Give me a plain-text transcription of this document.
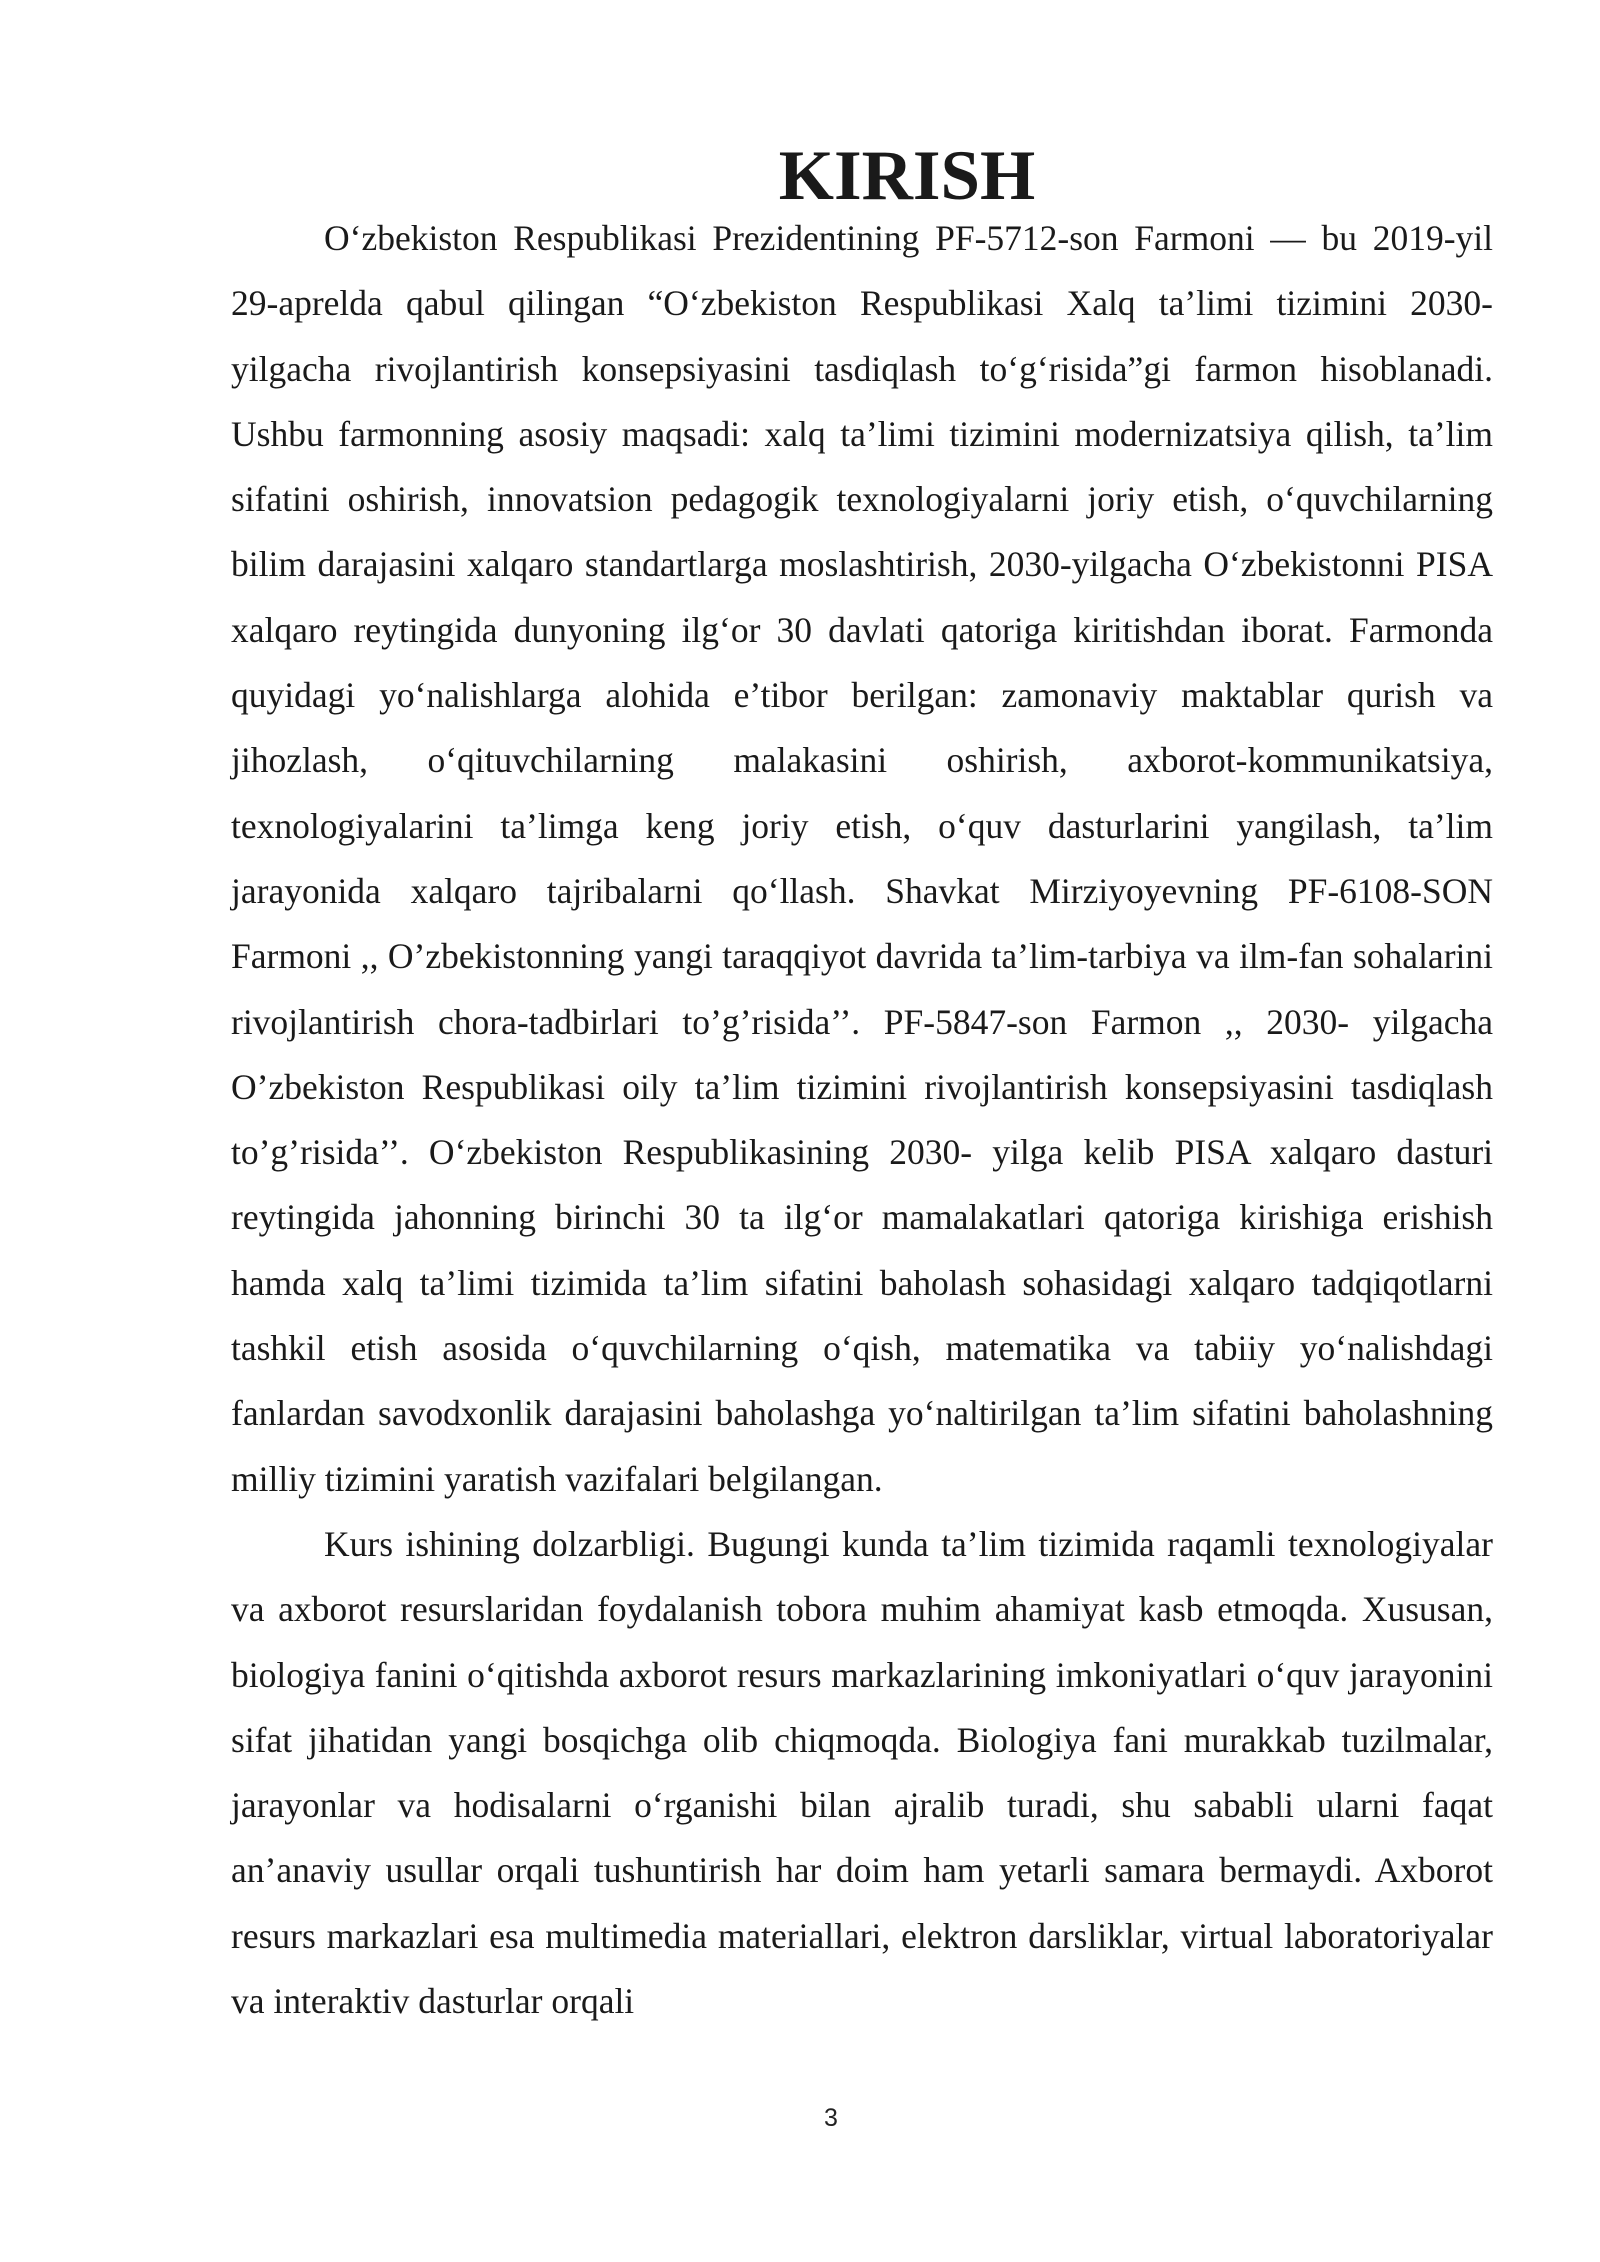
KIRISH

O‘zbekiston Respublikasi Prezidentining PF-5712-son Farmoni — bu 2019-yil 29-aprelda qabul qilingan “O‘zbekiston Respublikasi Xalq ta’limi tizimini 2030-yilgacha rivojlantirish konsepsiyasini tasdiqlash to‘g‘risida”gi farmon hisoblanadi. Ushbu farmonning asosiy maqsadi: xalq ta’limi tizimini modernizatsiya qilish, ta’lim sifatini oshirish, innovatsion pedagogik texnologiyalarni joriy etish, o‘quvchilarning bilim darajasini xalqaro standartlarga moslashtirish, 2030-yilgacha O‘zbekistonni PISA xalqaro reytingida dunyoning ilg‘or 30 davlati qatoriga kiritishdan iborat. Farmonda quyidagi yo‘nalishlarga alohida e’tibor berilgan: zamonaviy maktablar qurish va jihozlash, o‘qituvchilarning malakasini oshirish, axborot-kommunikatsiya, texnologiyalarini ta’limga keng joriy etish, o‘quv dasturlarini yangilash, ta’lim jarayonida xalqaro tajribalarni qo‘llash. Shavkat Mirziyoyevning PF-6108-SON Farmoni ,, O’zbekistonning yangi taraqqiyot davrida ta’lim-tarbiya va ilm-fan sohalarini rivojlantirish chora-tadbirlari to’g’risida’’. PF-5847-son Farmon ,, 2030- yilgacha O’zbekiston Respublikasi oily ta’lim tizimini rivojlantirish konsepsiyasini tasdiqlash to’g’risida’’. O‘zbekiston Respublikasining 2030- yilga kelib PISA xalqaro dasturi reytingida jahonning birinchi 30 ta ilg‘or mamalakatlari qatoriga kirishiga erishish hamda xalq ta’limi tizimida ta’lim sifatini baholash sohasidagi xalqaro tadqiqotlarni tashkil etish asosida o‘quvchilarning o‘qish, matematika va tabiiy yo‘nalishdagi fanlardan savodxonlik darajasini baholashga yo‘naltirilgan ta’lim sifatini baholashning milliy tizimini yaratish vazifalari belgilangan.

Kurs ishining dolzarbligi. Bugungi kunda ta’lim tizimida raqamli texnologiyalar va axborot resurslaridan foydalanish tobora muhim ahamiyat kasb etmoqda. Xususan, biologiya fanini o‘qitishda axborot resurs markazlarining imkoniyatlari o‘quv jarayonini sifat jihatidan yangi bosqichga olib chiqmoqda. Biologiya fani murakkab tuzilmalar, jarayonlar va hodisalarni o‘rganishi bilan ajralib turadi, shu sababli ularni faqat an’anaviy usullar orqali tushuntirish har doim ham yetarli samara bermaydi. Axborot resurs markazlari esa multimedia materiallari, elektron darsliklar, virtual laboratoriyalar va interaktiv dasturlar orqali

3
